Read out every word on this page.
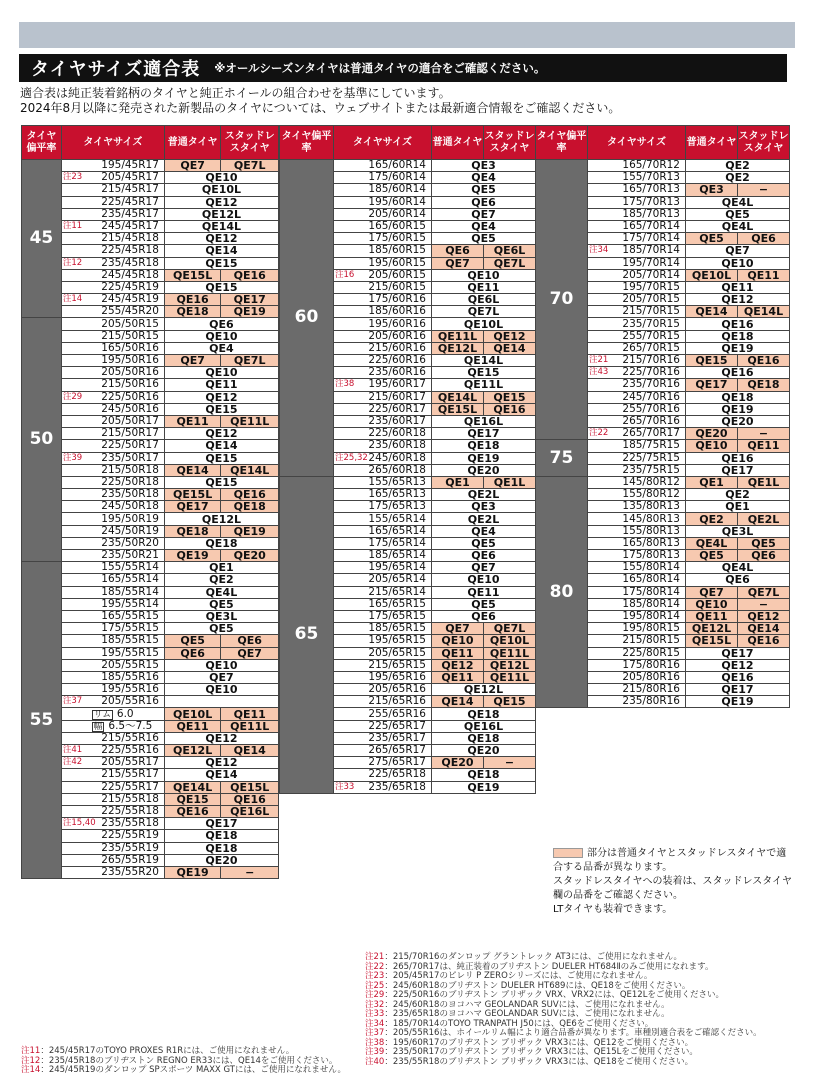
タイヤサイズ適合表 ※オールシーズンタイヤは普通タイヤの適合をご確認ください。
適合表は純正装着銘柄のタイヤと純正ホイールの組合わせを基準にしています。
2024年8月以降に発売された新製品のタイヤについては、ウェブサイトまたは最新適合情報をご確認ください。
タイヤ偏平率	タイヤサイズ	普通タイヤ	スタッドレスタイヤ
45	195/45R17	QE7	QE7L

	注23 205/45R17	QE10	
	215/45R17	QE10L	
	225/45R17	QE12	
	235/45R17	QE12L	

	注11 245/45R17	QE14L	
	215/45R18	QE12	
	225/45R18	QE14	

	注12 235/45R18	QE15	
	245/45R18	QE15L	QE16
	225/45R19	QE15	

	注14 245/45R19	QE16	QE17
	255/45R20	QE18	QE19
50	205/50R15	QE6	
	215/50R15	QE10	
	165/50R16	QE4	
	195/50R16	QE7	QE7L
	205/50R16	QE10	
	215/50R16	QE11	

	注29 225/50R16	QE12	
	245/50R16	QE15	
	205/50R17	QE11	QE11L
	215/50R17	QE12	
	225/50R17	QE14	

	注39 235/50R17	QE15	
	215/50R18	QE14	QE14L
	225/50R18	QE15	
	235/50R18	QE15L	QE16
	245/50R18	QE17	QE18
	195/50R19	QE12L	
	245/50R19	QE18	QE19
	235/50R20	QE18	
	235/50R21	QE19	QE20
55	155/55R14	QE1	
	165/55R14	QE2	
	185/55R14	QE4L	
	195/55R14	QE5	
	165/55R15	QE3L	
	175/55R15	QE5	
	185/55R15	QE5	QE6
	195/55R15	QE6	QE7
	205/55R15	QE10	
	185/55R16	QE7	
	195/55R16	QE10	

	注37 205/55R16		
	リム 6.0	QE10L	QE11
	幅 6.5〜7.5	QE11	QE11L
	215/55R16	QE12	

	注41 225/55R16	QE12L	QE14

	注42 205/55R17	QE12	
	215/55R17	QE14	
	225/55R17	QE14L	QE15L
	215/55R18	QE15	QE16
	225/55R18	QE16	QE16L

	注15,40 235/55R18	QE17	
	225/55R19	QE18	
	235/55R19	QE18	
	265/55R19	QE20	
	235/55R20	QE19	−
タイヤ偏平率	タイヤサイズ	普通タイヤ	スタッドレスタイヤ
60	165/60R14	QE3	
	175/60R14	QE4	
	185/60R14	QE5	
	195/60R14	QE6	
	205/60R14	QE7	
	165/60R15	QE4	
	175/60R15	QE5	
	185/60R15	QE6	QE6L
	195/60R15	QE7	QE7L

	注16 205/60R15	QE10	
	215/60R15	QE11	
	175/60R16	QE6L	
	185/60R16	QE7L	
	195/60R16	QE10L	
	205/60R16	QE11L	QE12
	215/60R16	QE12L	QE14
	225/60R16	QE14L	
	235/60R16	QE15	

	注38 195/60R17	QE11L	
	215/60R17	QE14L	QE15
	225/60R17	QE15L	QE16
	235/60R17	QE16L	
	225/60R18	QE17	
	235/60R18	QE18	

	注25,32 245/60R18	QE19	
	265/60R18	QE20	
65	155/65R13	QE1	QE1L
	165/65R13	QE2L	
	175/65R13	QE3	
	155/65R14	QE2L	
	165/65R14	QE4	
	175/65R14	QE5	
	185/65R14	QE6	
	195/65R14	QE7	
	205/65R14	QE10	
	215/65R14	QE11	
	165/65R15	QE5	
	175/65R15	QE6	
	185/65R15	QE7	QE7L
	195/65R15	QE10	QE10L
	205/65R15	QE11	QE11L
	215/65R15	QE12	QE12L
	195/65R16	QE11	QE11L
	205/65R16	QE12L	
	215/65R16	QE14	QE15
	255/65R16	QE18	
	225/65R17	QE16L	
	235/65R17	QE18	
	265/65R17	QE20	
	275/65R17	QE20	−
	225/65R18	QE18	

	注33 235/65R18	QE19	
タイヤ偏平率	タイヤサイズ	普通タイヤ	スタッドレスタイヤ
70	165/70R12	QE2	
	155/70R13	QE2	
	165/70R13	QE3	−
	175/70R13	QE4L	
	185/70R13	QE5	
	165/70R14	QE4L	
	175/70R14	QE5	QE6

	注34 185/70R14	QE7	
	195/70R14	QE10	
	205/70R14	QE10L	QE11
	195/70R15	QE11	
	205/70R15	QE12	
	215/70R15	QE14	QE14L
	235/70R15	QE16	
	255/70R15	QE18	
	265/70R15	QE19	

	注21 215/70R16	QE15	QE16

	注43 225/70R16	QE16	
	235/70R16	QE17	QE18
	245/70R16	QE18	
	255/70R16	QE19	
	265/70R16	QE20	

	注22 265/70R17	QE20	−
75	185/75R15	QE10	QE11
	225/75R15	QE16	
	235/75R15	QE17	
80	145/80R12	QE1	QE1L
	155/80R12	QE2	
	135/80R13	QE1	
	145/80R13	QE2	QE2L
	155/80R13	QE3L	
	165/80R13	QE4L	QE5
	175/80R13	QE5	QE6
	155/80R14	QE4L	
	165/80R14	QE6	
	175/80R14	QE7	QE7L
	185/80R14	QE10	−
	195/80R14	QE11	QE12
	195/80R15	QE12L	QE14
	215/80R15	QE15L	QE16
	225/80R15	QE17	
	175/80R16	QE12	
	205/80R16	QE16	
	215/80R16	QE17	
	235/80R16	QE19	
部分は普通タイヤとスタッドレスタイヤで適合する品番が異なります。
スタッドレスタイヤへの装着は、スタッドレスタイヤ欄の品番をご確認ください。
LTタイヤも装着できます。
注11：245/45R17のTOYO PROXES R1Rには、ご使用になれません。
注12：235/45R18のブリヂストン REGNO ER33には、QE14をご使用ください。
注14：245/45R19のダンロップ SPスポーツ MAXX GTには、ご使用になれません。
注21：215/70R16のダンロップ グラントレック AT3には、ご使用になれません。
注22：265/70R17は、純正装着のブリヂストン DUELER HT684Ⅱのみご使用になれます。
注23：205/45R17のピレリ P ZEROシリーズには、ご使用になれません。
注25：245/60R18のブリヂストン DUELER HT689には、QE18をご使用ください。
注29：225/50R16のブリヂストン ブリザック VRX、VRX2には、QE12Lをご使用ください。
注32：245/60R18のヨコハマ GEOLANDAR SUVには、ご使用になれません。
注33：235/65R18のヨコハマ GEOLANDAR SUVには、ご使用になれません。
注34：185/70R14のTOYO TRANPATH J50には、QE6をご使用ください。
注37：205/55R16は、ホイールリム幅により適合品番が異なります。車種別適合表をご確認ください。
注38：195/60R17のブリヂストン ブリザック VRX3には、QE12をご使用ください。
注39：235/50R17のブリヂストン ブリザック VRX3には、QE15Lをご使用ください。
注40：235/55R18のブリヂストン ブリザック VRX3には、QE18をご使用ください。
